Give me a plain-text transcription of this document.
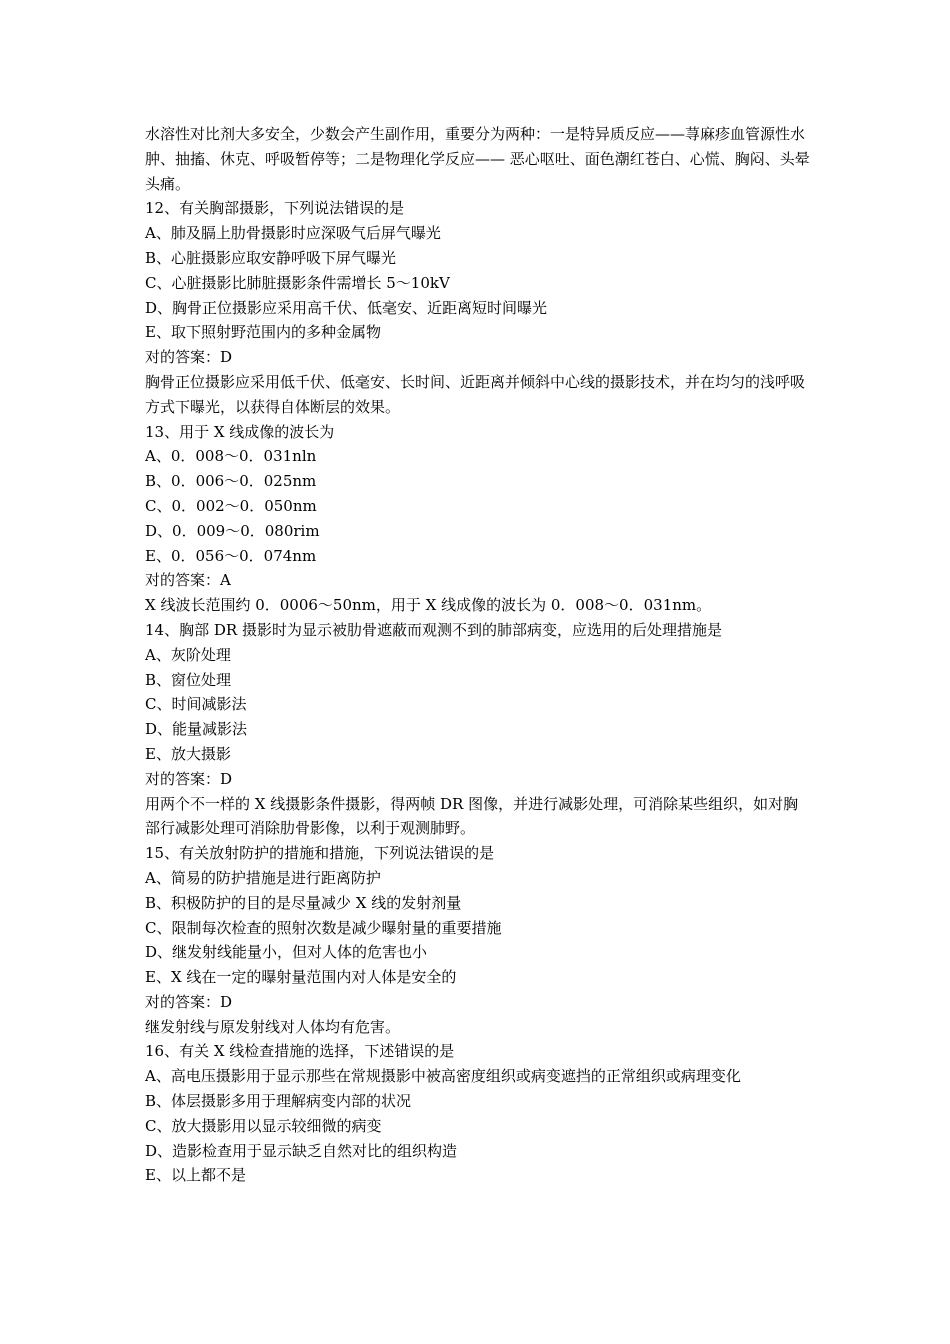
水溶性对比剂大多安全，少数会产生副作用，重要分为两种：一是特异质反应——荨麻疹血管源性水肿、抽搐、休克、呼吸暂停等；二是物理化学反应—— 恶心呕吐、面色潮红苍白、心慌、胸闷、头晕头痛。

12、有关胸部摄影，下列说法错误的是

A、肺及膈上肋骨摄影时应深吸气后屏气曝光

B、心脏摄影应取安静呼吸下屏气曝光

C、心脏摄影比肺脏摄影条件需增长 5～10kV

D、胸骨正位摄影应采用高千伏、低毫安、近距离短时间曝光

E、取下照射野范围内的多种金属物

对的答案：D

胸骨正位摄影应采用低千伏、低毫安、长时间、近距离并倾斜中心线的摄影技术，并在均匀的浅呼吸方式下曝光，以获得自体断层的效果。

13、用于 X 线成像的波长为

A、0．008～0．031nln

B、0．006～0．025nm

C、0．002～0．050nm

D、0．009～0．080rim

E、0．056～0．074nm

对的答案：A

X 线波长范围约 0．0006～50nm，用于 X 线成像的波长为 0．008～0．031nm。

14、胸部 DR 摄影时为显示被肋骨遮蔽而观测不到的肺部病变，应选用的后处理措施是

A、灰阶处理

B、窗位处理

C、时间减影法

D、能量减影法

E、放大摄影

对的答案：D

用两个不一样的 X 线摄影条件摄影，得两帧 DR 图像，并进行减影处理，可消除某些组织，如对胸部行减影处理可消除肋骨影像，以利于观测肺野。

15、有关放射防护的措施和措施，下列说法错误的是

A、简易的防护措施是进行距离防护

B、积极防护的目的是尽量减少 X 线的发射剂量

C、限制每次检查的照射次数是减少曝射量的重要措施

D、继发射线能量小，但对人体的危害也小

E、X 线在一定的曝射量范围内对人体是安全的

对的答案：D

继发射线与原发射线对人体均有危害。

16、有关 X 线检查措施的选择，下述错误的是

A、高电压摄影用于显示那些在常规摄影中被高密度组织或病变遮挡的正常组织或病理变化

B、体层摄影多用于理解病变内部的状况

C、放大摄影用以显示较细微的病变

D、造影检查用于显示缺乏自然对比的组织构造

E、以上都不是
